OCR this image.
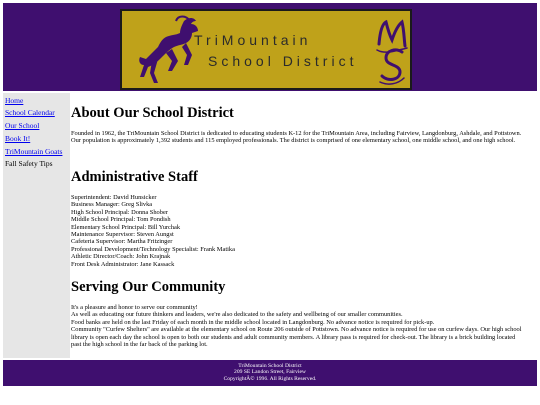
TriMountain
School District
Home
School Calendar
Our School
Book It!
TriMountain Goats
Fall Safety Tips
About Our School District
Founded in 1962, the TriMountain School District is dedicated to educating students K-12 for the TriMountain Area, including Fairview, Langdonburg, Ashdale, and Pottstown.
Our population is approximately 1,392 students and 115 employed professionals. The district is comprised of one elementary school, one middle school, and one high school.
Administrative Staff
Superintendent: David Hunsicker
Business Manager: Greg Slivka
High School Principal: Donna Shober
Middle School Principal: Tom Pondish
Elementary School Principal: Bill Yurchak
Maintenance Supervisor: Steven Aungst
Cafeteria Supervisor: Martha Fritzinger
Professional Development/Technology Specialist: Frank Matika
Athletic Director/Coach: John Krajnak
Front Desk Administrator: Jane Kassack
Serving Our Community
It's a pleasure and honor to serve our community!
As well as educating our future thinkers and leaders, we're also dedicated to the safety and wellbeing of our smaller communities.
Food banks are held on the last Friday of each month in the middle school located in Langdonburg. No advance notice is required for pick-up.
Community "Curfew Shelters" are available at the elementary school on Route 206 outside of Pottstown. No advance notice is required for use on curfew days. Our high school library is open each day the school is open to both our students and adult community members. A library pass is required for check-out. The library is a brick building located past the high school in the far back of the parking lot.
TriMountain School District
209 SE Landon Street, Fairview
CopyrightÂ© 1996. All Rights Reserved.
